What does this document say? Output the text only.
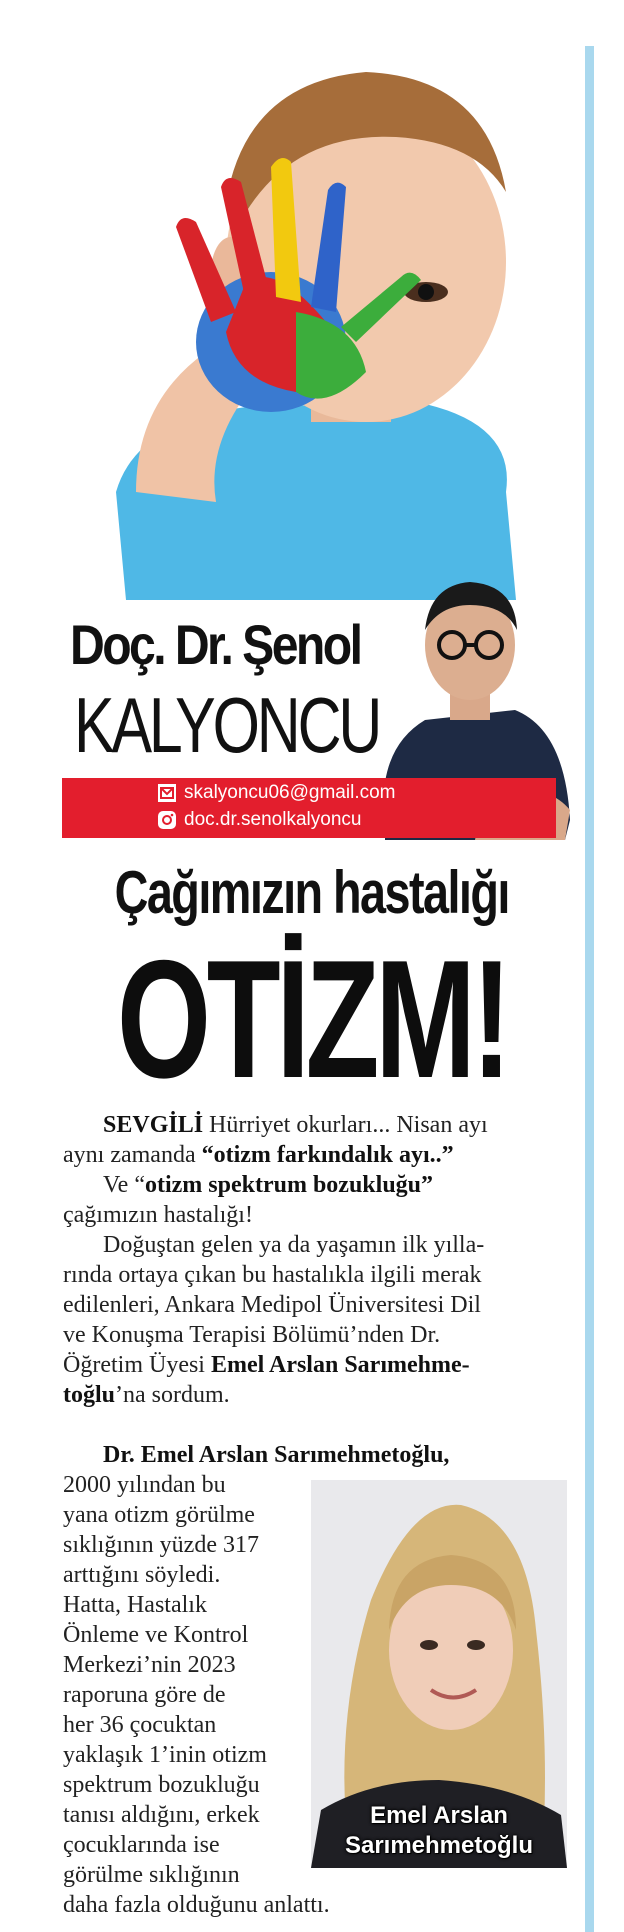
Doç. Dr. Şenol
KALYONCU
skalyoncu06@gmail.com
doc.dr.senolkalyoncu
Çağımızın hastalığı
OTİZM!

SEVGİLİ Hürriyet okurları... Nisan ayı

aynı zamanda “otizm farkındalık ayı..”

Ve “otizm spektrum bozukluğu”

çağımızın hastalığı!

Doğuştan gelen ya da yaşamın ilk yılla-

rında ortaya çıkan bu hastalıkla ilgili merak

edilenleri, Ankara Medipol Üniversitesi Dil

ve Konuşma Terapisi Bölümü’nden Dr.

Öğretim Üyesi Emel Arslan Sarımehme-

toğlu’na sordum.

Dr. Emel Arslan Sarımehmetoğlu,

2000 yılından bu

yana otizm görülme

sıklığının yüzde 317

arttığını söyledi.

Hatta, Hastalık

Önleme ve Kontrol

Merkezi’nin 2023

raporuna göre de

her 36 çocuktan

yaklaşık 1’inin otizm

spektrum bozukluğu

tanısı aldığını, erkek

çocuklarında ise

görülme sıklığının

daha fazla olduğunu anlattı.

Emel Arslan
Sarımehmetoğlu
